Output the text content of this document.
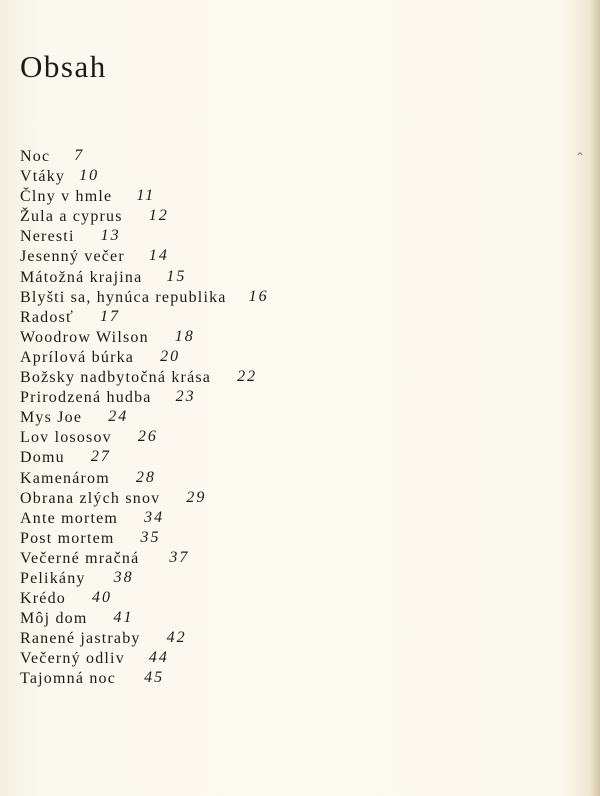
Obsah
Noc 7
Vtáky 10
Člny v hmle 11
Žula a cyprus 12
Neresti 13
Jesenný večer 14
Mátožná krajina 15
Blyšti sa, hynúca republika 16
Radosť 17
Woodrow Wilson 18
Aprílová búrka 20
Božsky nadbytočná krása 22
Prirodzená hudba 23
Mys Joe 24
Lov lososov 26
Domu 27
Kamenárom 28
Obrana zlých snov 29
Ante mortem 34
Post mortem 35
Večerné mračná 37
Pelikány 38
Krédo 40
Môj dom 41
Ranené jastraby 42
Večerný odliv 44
Tajomná noc 45
⌃
